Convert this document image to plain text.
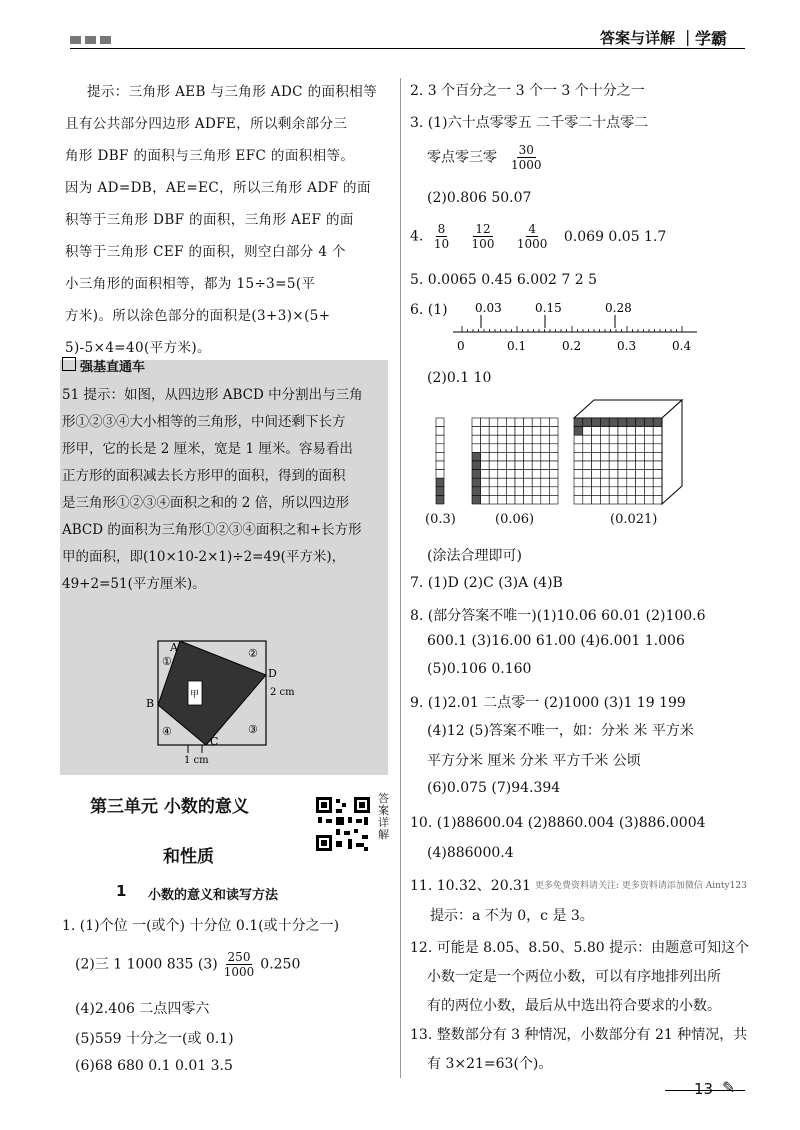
答案与详解 | 学霸

提示：三角形 AEB 与三角形 ADC 的面积相等

且有公共部分四边形 ADFE，所以剩余部分三

角形 DBF 的面积与三角形 EFC 的面积相等。

因为 AD=DB，AE=EC，所以三角形 ADF 的面

积等于三角形 DBF 的面积，三角形 AEF 的面

积等于三角形 CEF 的面积，则空白部分 4 个

小三角形的面积相等，都为 15÷3=5(平

方米)。所以涂色部分的面积是(3+3)×(5+

5)-5×4=40(平方米)。

强基直通车
51 提示：如图，从四边形 ABCD 中分割出与三角
形①②③④大小相等的三角形，中间还剩下长方
形甲，它的长是 2 厘米，宽是 1 厘米。容易看出
正方形的面积减去长方形甲的面积，得到的面积
是三角形①②③④面积之和的 2 倍，所以四边形
ABCD 的面积为三角形①②③④面积之和+长方形
甲的面积，即(10×10-2×1)÷2=49(平方米)，
49+2=51(平方厘米)。
A
B
C
D
①
②
③
④
甲	2 cm
1 cm
第三单元 小数的意义
和性质
答案详解
1 小数的意义和读写方法
1. (1)个位 一(或个) 十分位 0.1(或十分之一)
(2)三 1 1000 835 $(3) \frac{250}{1000} 0.250$
(4)2.406 二点四零六
(5)559 十分之一(或 0.1)
(6)68 680 0.1 0.01 3.5
2. 3 个百分之一 3 个一 3 个十分之一
3. (1)六十点零零五 二千零二十点零二
零点零三零 $\frac{30}{1000}$
(2)0.806 50.07
4. $\frac{8}{10}$
$\frac{12}{100}$
$\frac{4}{1000} 0.069$ 0.05 1.7
5. 0.0065 0.45 6.002 7 2 5
6. (1) 0.03	0.15	0.28
0	0.1	0.2	0.3	0.4
(2)0.1 10
(0.3)	(0.06)	(0.021)
(涂法合理即可)
7. (1)D (2)C (3)A (4)B
8. (部分答案不唯一)(1)10.06 60.01 (2)100.6
600.1 (3)16.00 61.00 (4)6.001 1.006
(5)0.106 0.160
9. (1)2.01 二点零一 (2)1000 (3)1 19 199
(4)12 (5)答案不唯一，如：分米 米 平方米
平方分米 厘米 分米 平方千米 公顷
(6)0.075 (7)94.394
10. (1)88600.04 (2)8860.004 (3)886.0004
(4)886000.4
11. 10.32、20.31 更多免费资料请关注: 更多资料请添加微信 Ainty123
提示：a 不为 0，c 是 3。
12. 可能是 8.05、8.50、5.80 提示：由题意可知这个
小数一定是一个两位小数，可以有序地排列出所
有的两位小数，最后从中选出符合要求的小数。
13. 整数部分有 3 种情况，小数部分有 21 种情况，共
有 3×21=63(个)。
13 ✎
